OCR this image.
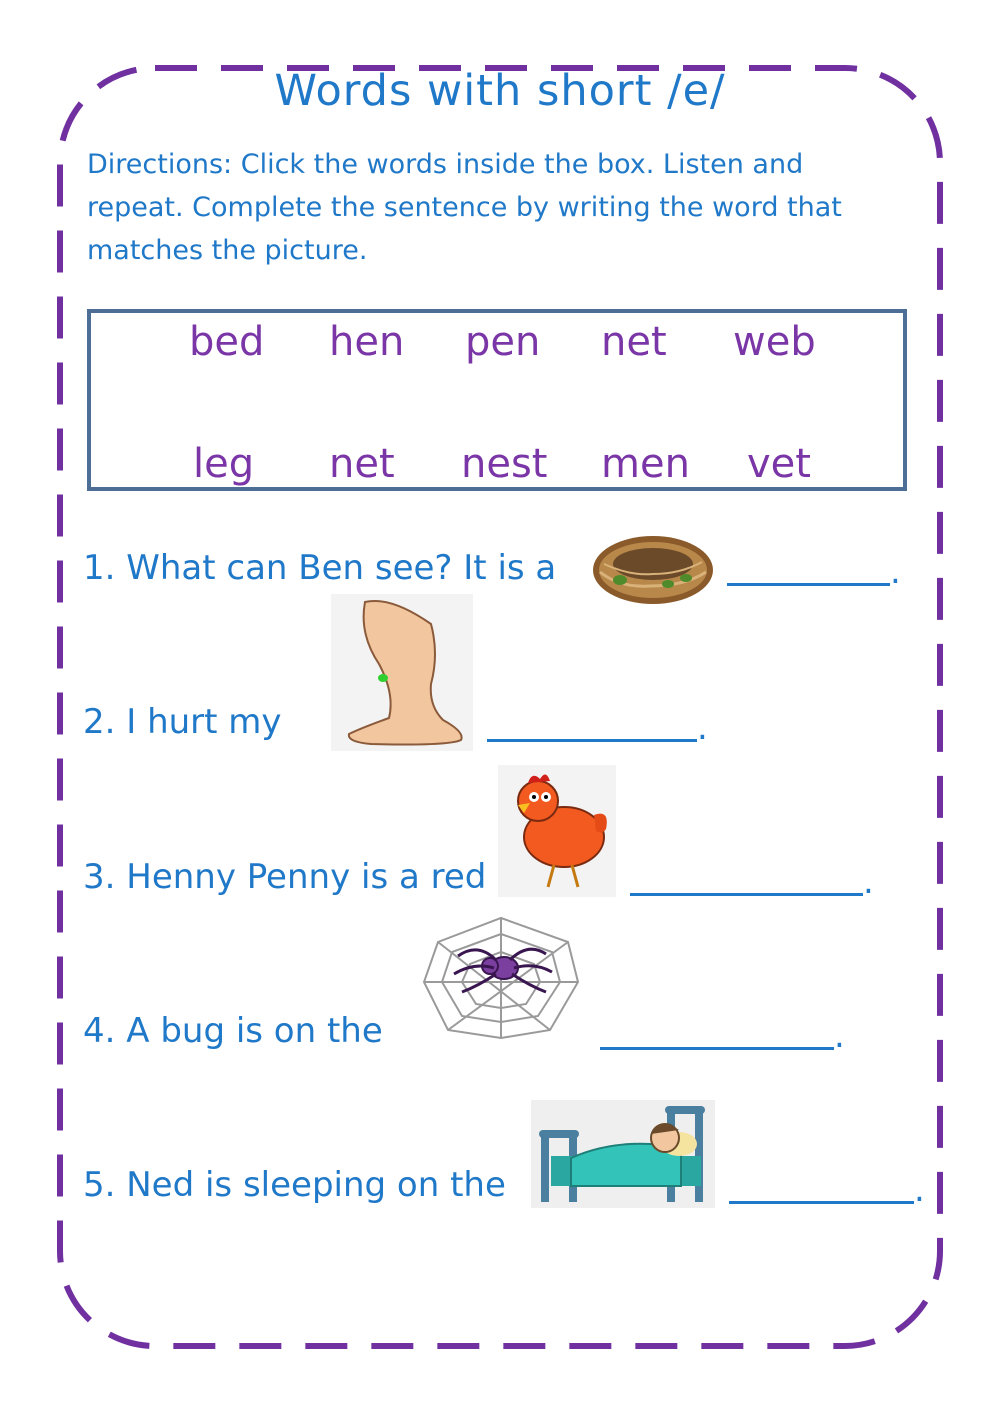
Words with short /e/
Directions: Click the words inside the box. Listen and repeat. Complete the sentence by writing the word that matches the picture.
bed hen pen net web
leg net nest men vet
1. What can Ben see? It is a	.
2. I hurt my	.
3. Henny Penny is a red	.
4. A bug is on the	.
5. Ned is sleeping on the	.
